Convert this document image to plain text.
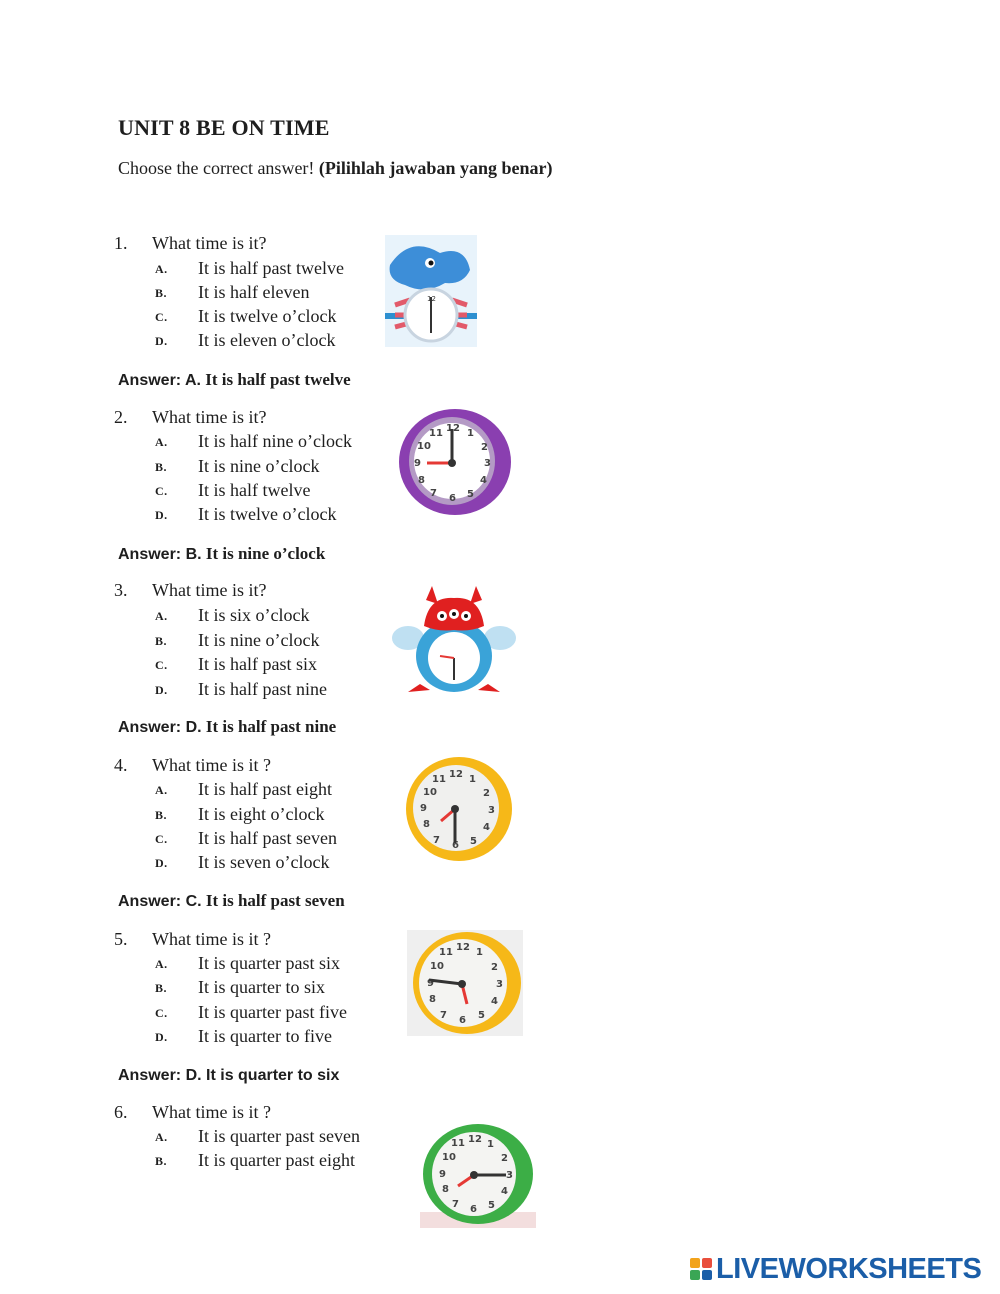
UNIT 8 BE ON TIME
Choose the correct answer! (Pilihlah jawaban yang benar)
1. What time is it?
A. It is half past twelve
B. It is half eleven
C. It is twelve o’clock
D. It is eleven o’clock
12
Answer: A. It is half past twelve
2. What time is it?
A. It is half nine o’clock
B. It is nine o’clock
C. It is half twelve
D. It is twelve o’clock
12 1
2
3
4
5
6
7
8
9
10
11
Answer: B. It is nine o’clock
3. What time is it?
A. It is six o’clock
B. It is nine o’clock
C. It is half past six
D. It is half past nine
Answer: D. It is half past nine
4. What time is it ?
A. It is half past eight
B. It is eight o’clock
C. It is half past seven
D. It is seven o’clock
12 1
2
3
4
5
6
7
8
9
10
11
Answer: C. It is half past seven
5. What time is it ?
A. It is quarter past six
B. It is quarter to six
C. It is quarter past five
D. It is quarter to five
12 1
2
3
4
5
6
7
8
9
10
11
Answer: D. It is quarter to six
6. What time is it ?
A. It is quarter past seven
B. It is quarter past eight
12 1
2
3
4
5
6
7
8
9
10
11
LIVEWORKSHEETS
